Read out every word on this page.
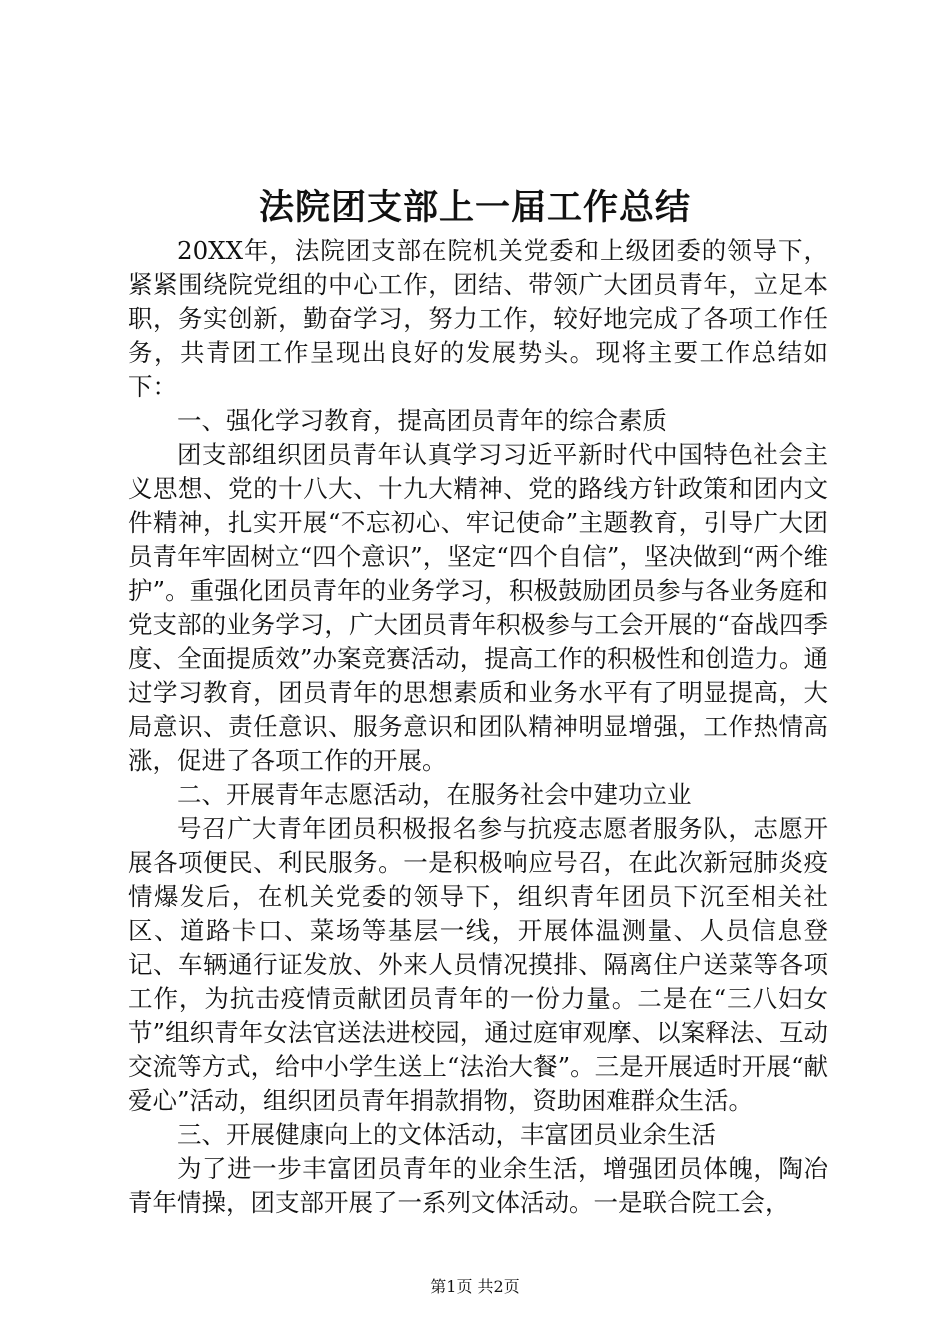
法院团支部上一届工作总结

20XX年，法院团支部在院机关党委和上级团委的领导下，紧紧围绕院党组的中心工作，团结、带领广大团员青年，立足本职，务实创新，勤奋学习，努力工作，较好地完成了各项工作任务，共青团工作呈现出良好的发展势头。现将主要工作总结如下：

一、强化学习教育，提高团员青年的综合素质

团支部组织团员青年认真学习习近平新时代中国特色社会主义思想、党的十八大、十九大精神、党的路线方针政策和团内文件精神，扎实开展“不忘初心、牢记使命”主题教育，引导广大团员青年牢固树立“四个意识”，坚定“四个自信”，坚决做到“两个维护”。重强化团员青年的业务学习，积极鼓励团员参与各业务庭和党支部的业务学习，广大团员青年积极参与工会开展的“奋战四季度、全面提质效”办案竞赛活动，提高工作的积极性和创造力。通过学习教育，团员青年的思想素质和业务水平有了明显提高，大局意识、责任意识、服务意识和团队精神明显增强，工作热情高涨，促进了各项工作的开展。

二、开展青年志愿活动，在服务社会中建功立业

号召广大青年团员积极报名参与抗疫志愿者服务队，志愿开展各项便民、利民服务。一是积极响应号召，在此次新冠肺炎疫情爆发后，在机关党委的领导下，组织青年团员下沉至相关社区、道路卡口、菜场等基层一线，开展体温测量、人员信息登记、车辆通行证发放、外来人员情况摸排、隔离住户送菜等各项工作，为抗击疫情贡献团员青年的一份力量。二是在“三八妇女节”组织青年女法官送法进校园，通过庭审观摩、以案释法、互动交流等方式，给中小学生送上“法治大餐”。三是开展适时开展“献爱心”活动，组织团员青年捐款捐物，资助困难群众生活。

三、开展健康向上的文体活动，丰富团员业余生活

为了进一步丰富团员青年的业余生活，增强团员体魄，陶冶青年情操，团支部开展了一系列文体活动。一是联合院工会，

第1页 共2页
